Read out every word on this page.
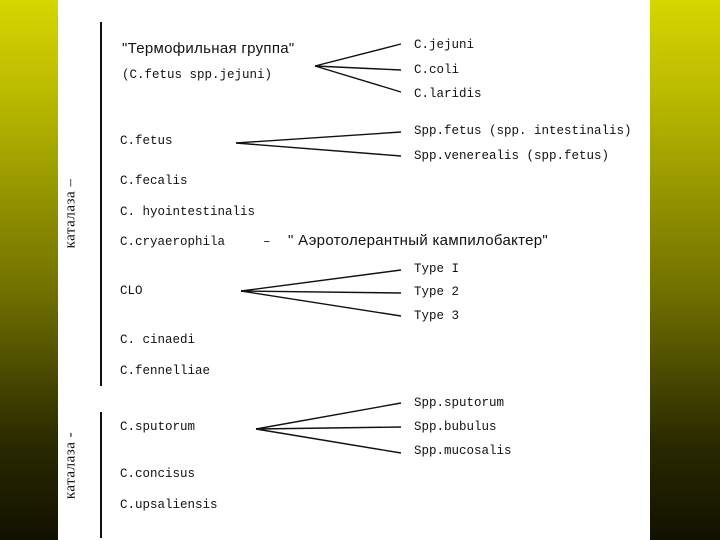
каталаза –
каталаза -
"Термофильная группа"
(C.fetus spp.jejuni)
C.jejuni
C.coli
C.laridis
C.fetus
Spp.fetus (spp. intestinalis)
Spp.venerealis (spp.fetus)
C.fecalis
C. hyointestinalis
C.cryaerophila	– " Аэротолерантный кампилобактер"
CLO
Type I
Type 2
Type 3
C. cinaedi
C.fennelliae
C.sputorum
Spp.sputorum
Spp.bubulus
Spp.mucosalis
C.concisus
C.upsaliensis
